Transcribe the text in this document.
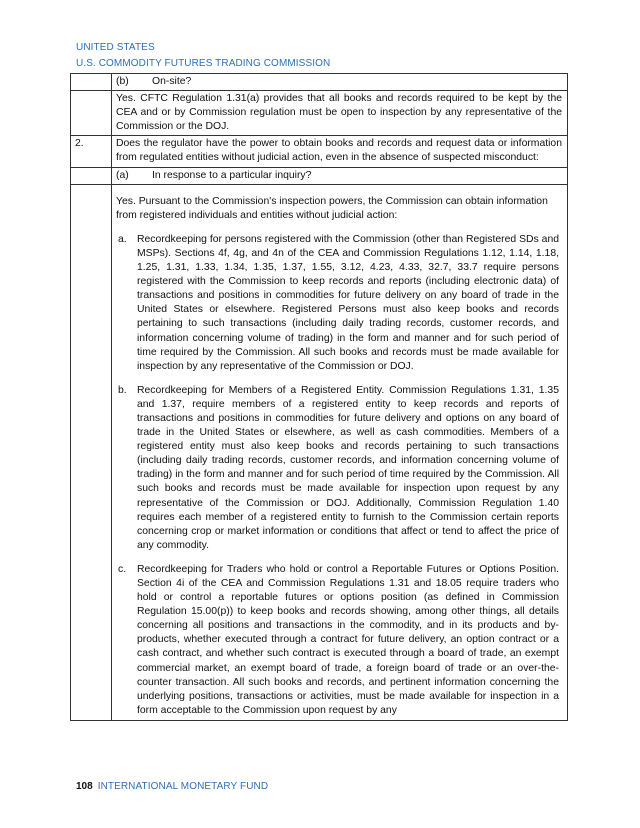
UNITED STATES
U.S. COMMODITY FUTURES TRADING COMMISSION
(b)	On-site?
Yes. CFTC Regulation 1.31(a) provides that all books and records required to be kept by the CEA and or by Commission regulation must be open to inspection by any representative of the Commission or the DOJ.
2.	Does the regulator have the power to obtain books and records and request data or information from regulated entities without judicial action, even in the absence of suspected misconduct:
(a)	In response to a particular inquiry?

Yes. Pursuant to the Commission's inspection powers, the Commission can obtain information from registered individuals and entities without judicial action:

a. Recordkeeping for persons registered with the Commission (other than Registered SDs and MSPs). Sections 4f, 4g, and 4n of the CEA and Commission Regulations 1.12, 1.14, 1.18, 1.25, 1.31, 1.33, 1.34, 1.35, 1.37, 1.55, 3.12, 4.23, 4.33, 32.7, 33.7 require persons registered with the Commission to keep records and reports (including electronic data) of transactions and positions in commodities for future delivery on any board of trade in the United States or elsewhere. Registered Persons must also keep books and records pertaining to such transactions (including daily trading records, customer records, and information concerning volume of trading) in the form and manner and for such period of time required by the Commission. All such books and records must be made available for inspection by any representative of the Commission or DOJ.
b. Recordkeeping for Members of a Registered Entity. Commission Regulations 1.31, 1.35 and 1.37, require members of a registered entity to keep records and reports of transactions and positions in commodities for future delivery and options on any board of trade in the United States or elsewhere, as well as cash commodities. Members of a registered entity must also keep books and records pertaining to such transactions (including daily trading records, customer records, and information concerning volume of trading) in the form and manner and for such period of time required by the Commission. All such books and records must be made available for inspection upon request by any representative of the Commission or DOJ. Additionally, Commission Regulation 1.40 requires each member of a registered entity to furnish to the Commission certain reports concerning crop or market information or conditions that affect or tend to affect the price of any commodity.
c.	Recordkeeping for Traders who hold or control a Reportable Futures or Options Position. Section 4i of the CEA and Commission Regulations 1.31 and 18.05 require traders who hold or control a reportable futures or options position (as defined in Commission Regulation 15.00(p)) to keep books and records showing, among other things, all details concerning all positions and transactions in the commodity, and in its products and by-products, whether executed through a contract for future delivery, an option contract or a cash contract, and whether such contract is executed through a board of trade, an exempt commercial market, an exempt board of trade, a foreign board of trade or an over-the-counter transaction. All such books and records, and pertinent information concerning the underlying positions, transactions or activities, must be made available for inspection in a form acceptable to the Commission upon request by any
108 INTERNATIONAL MONETARY FUND
